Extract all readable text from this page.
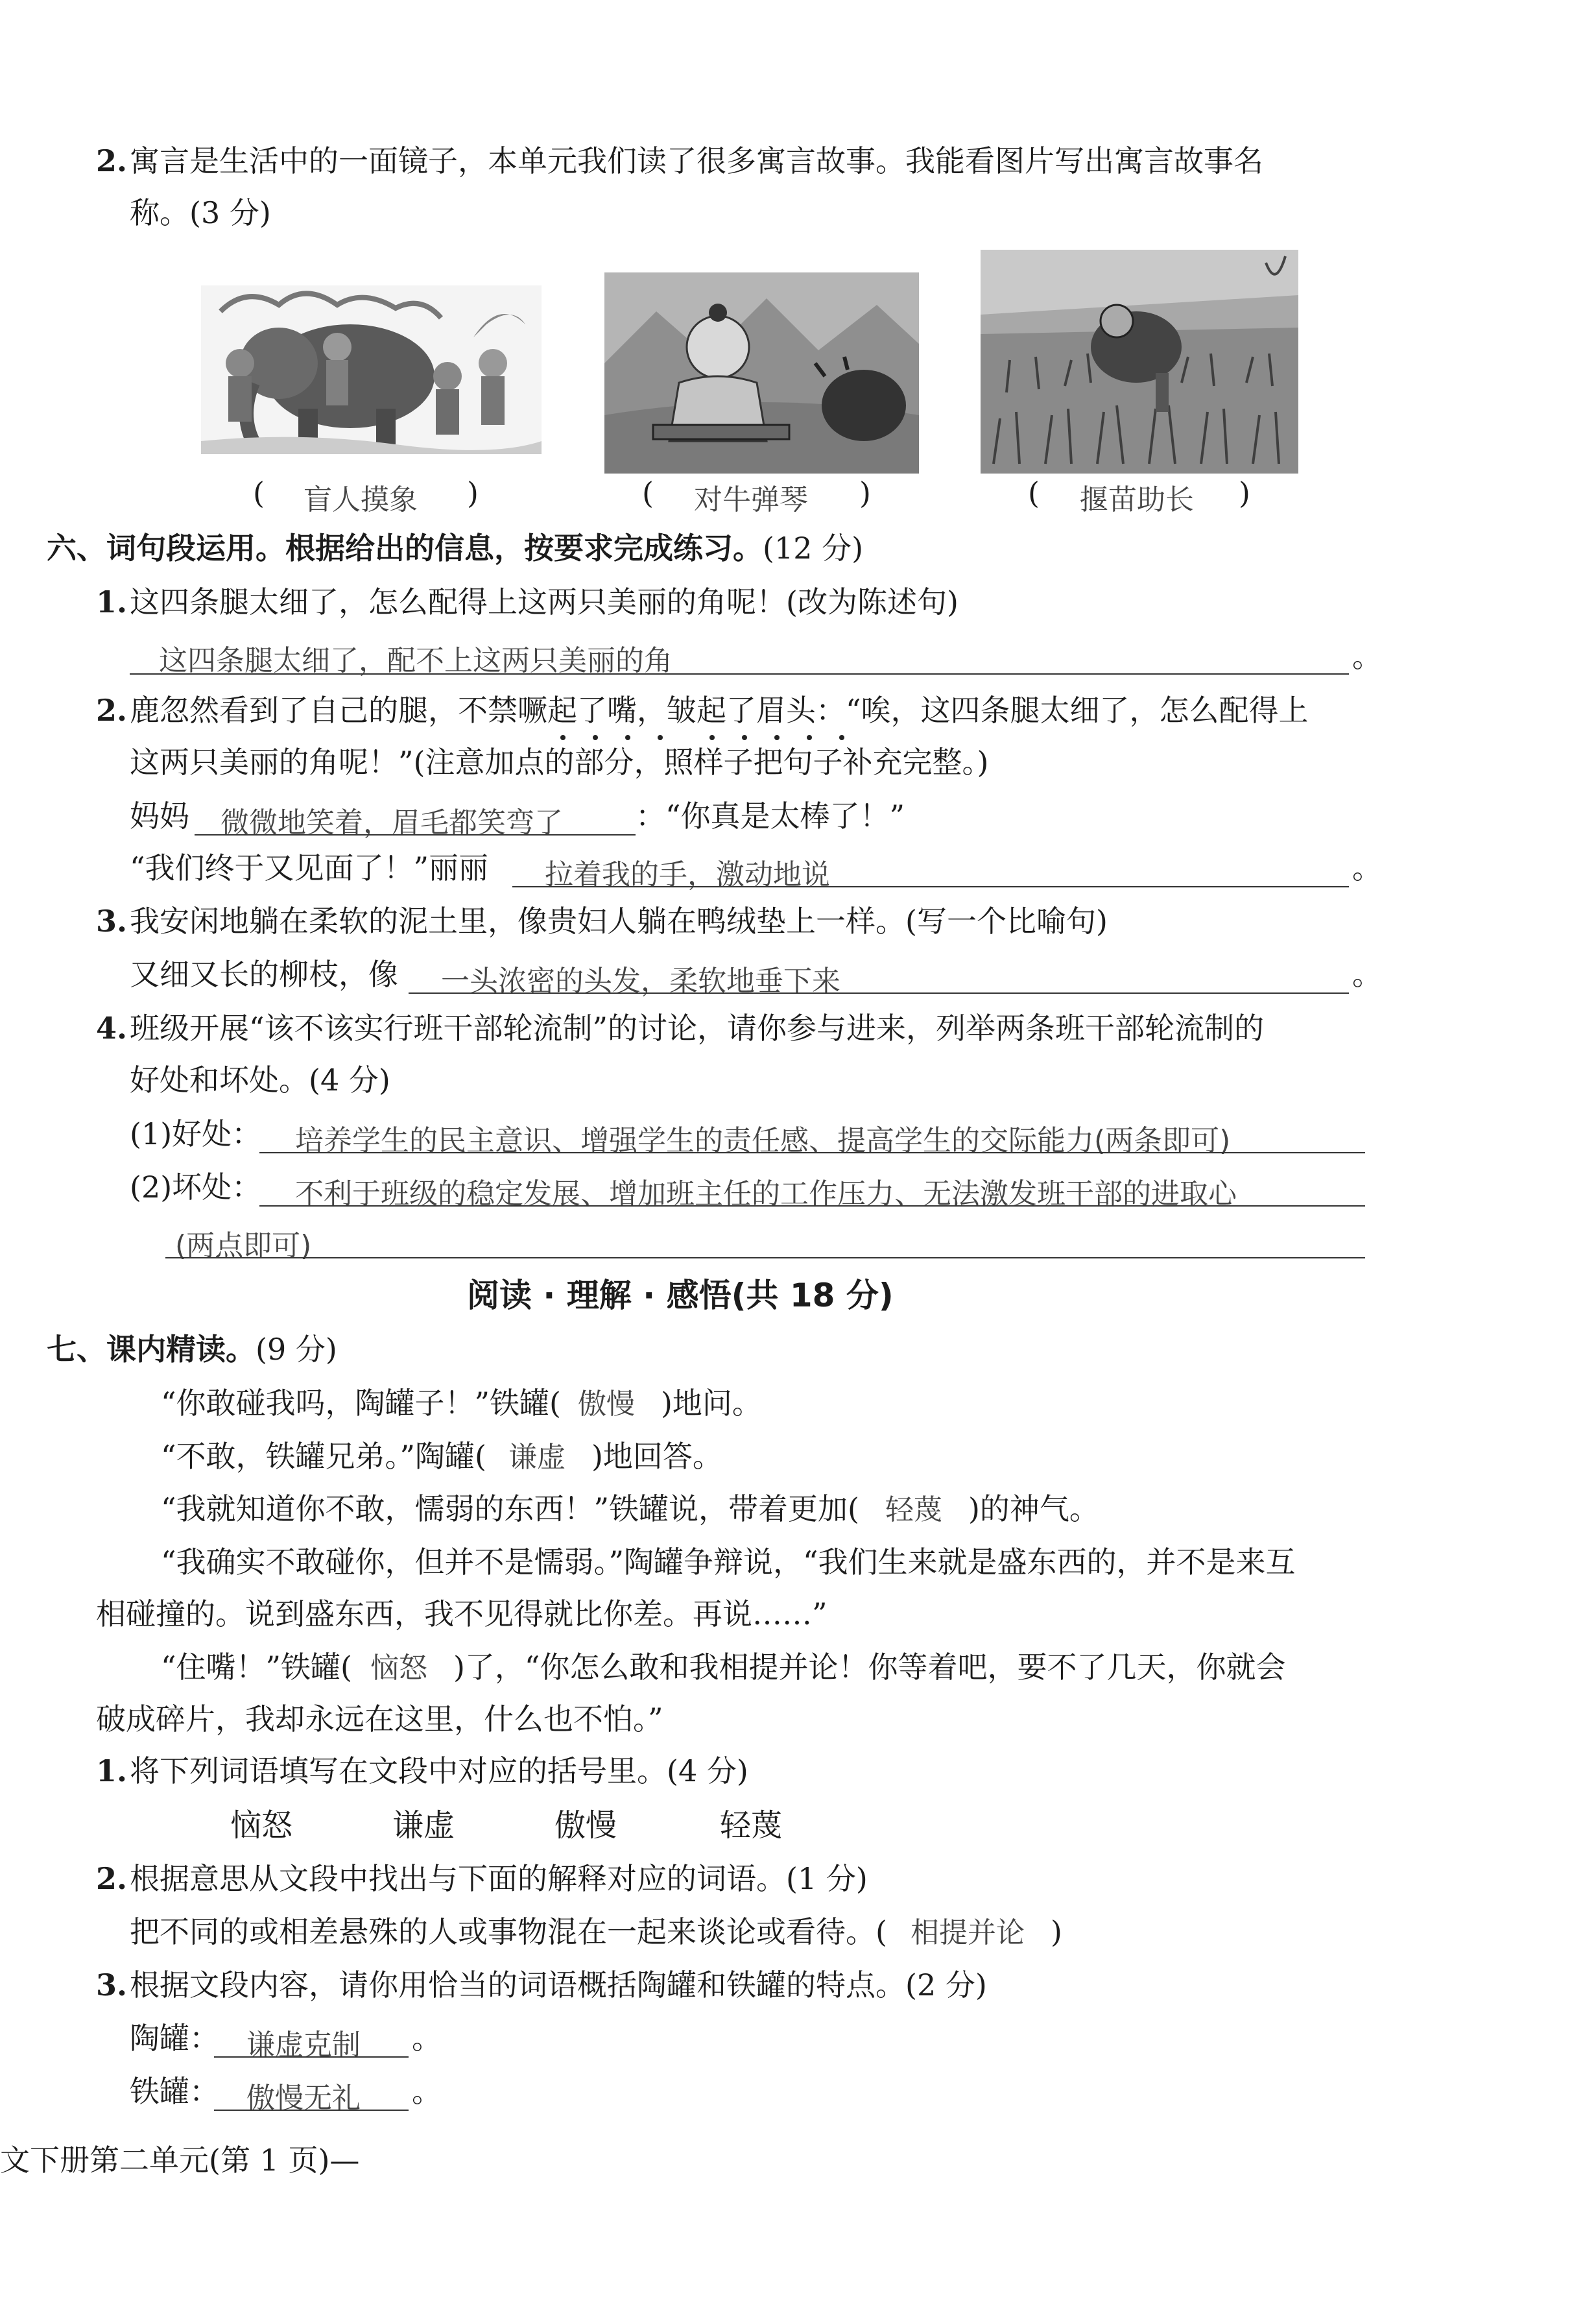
2. 寓言是生活中的一面镜子，本单元我们读了很多寓言故事。我能看图片写出寓言故事名
称。(3 分)
( 盲人摸象 )	( 对牛弹琴 )	( 揠苗助长 )
六、词句段运用。根据给出的信息，按要求完成练习。(12 分)
1. 这四条腿太细了，怎么配得上这两只美丽的角呢！(改为陈述句)
这四条腿太细了，配不上这两只美丽的角	。
2. 鹿忽然看到了自己的腿，不禁噘起了嘴，皱起了眉头：“唉，这四条腿太细了，怎么配得上
这两只美丽的角呢！”(注意加点的部分，照样子把句子补充完整。)
妈妈 微微地笑着，眉毛都笑弯了 ：“你真是太棒了！”
“我们终于又见面了！”丽丽 拉着我的手，激动地说	。
3. 我安闲地躺在柔软的泥土里，像贵妇人躺在鸭绒垫上一样。(写一个比喻句)
又细又长的柳枝，像 一头浓密的头发，柔软地垂下来	。
4. 班级开展“该不该实行班干部轮流制”的讨论，请你参与进来，列举两条班干部轮流制的
好处和坏处。(4 分)
(1)好处： 培养学生的民主意识、增强学生的责任感、提高学生的交际能力(两条即可)
(2)坏处： 不利于班级的稳定发展、增加班主任的工作压力、无法激发班干部的进取心
(两点即可)
阅读 · 理解 · 感悟(共 18 分)
七、课内精读。(9 分)
“你敢碰我吗，陶罐子！”铁罐( 傲慢 )地问。
“不敢，铁罐兄弟。”陶罐( 谦虚 )地回答。
“我就知道你不敢，懦弱的东西！”铁罐说，带着更加( 轻蔑 )的神气。
“我确实不敢碰你，但并不是懦弱。”陶罐争辩说，“我们生来就是盛东西的，并不是来互
相碰撞的。说到盛东西，我不见得就比你差。再说……”
“住嘴！”铁罐( 恼怒 )了，“你怎么敢和我相提并论！你等着吧，要不了几天，你就会
破成碎片，我却永远在这里，什么也不怕。”
1. 将下列词语填写在文段中对应的括号里。(4 分)
恼怒	谦虚	傲慢	轻蔑
2. 根据意思从文段中找出与下面的解释对应的词语。(1 分)
把不同的或相差悬殊的人或事物混在一起来谈论或看待。( 相提并论 )
3. 根据文段内容，请你用恰当的词语概括陶罐和铁罐的特点。(2 分)
陶罐： 谦虚克制 。
铁罐： 傲慢无礼 。
文下册第二单元(第 1 页)—
